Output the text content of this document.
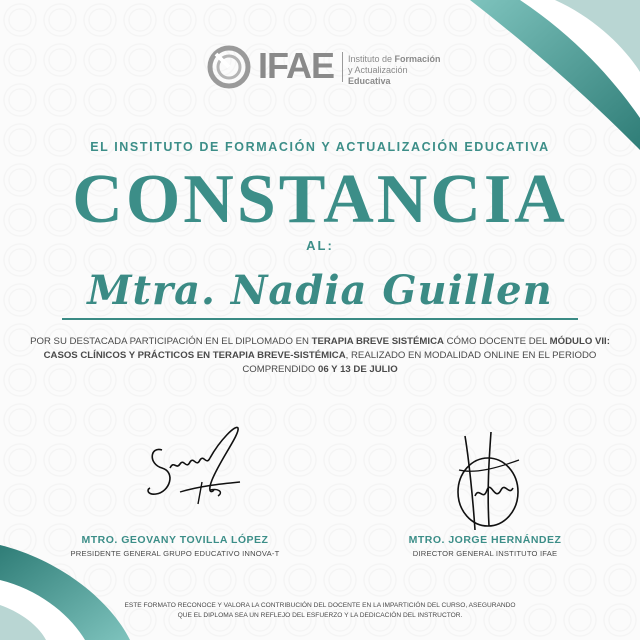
IFAE Instituto de Formación
y Actualización Educativa
EL INSTITUTO DE FORMACIÓN Y ACTUALIZACIÓN EDUCATIVA
CONSTANCIA
AL:
Mtra. Nadia Guillen
POR SU DESTACADA PARTICIPACIÓN EN EL DIPLOMADO EN TERAPIA BREVE SISTÉMICA CÓMO DOCENTE DEL MÓDULO VII: CASOS CLÍNICOS Y PRÁCTICOS EN TERAPIA BREVE-SISTÉMICA, REALIZADO EN MODALIDAD ONLINE EN EL PERIODO COMPRENDIDO 06 Y 13 DE JULIO
MTRO. GEOVANY TOVILLA LÓPEZ
PRESIDENTE GENERAL GRUPO EDUCATIVO INNOVA-T
MTRO. JORGE HERNÁNDEZ
DIRECTOR GENERAL INSTITUTO IFAE
ESTE FORMATO RECONOCE Y VALORA LA CONTRIBUCIÓN DEL DOCENTE EN LA IMPARTICIÓN DEL CURSO, ASEGURANDO QUE EL DIPLOMA SEA UN REFLEJO DEL ESFUERZO Y LA DEDICACIÓN DEL INSTRUCTOR.
